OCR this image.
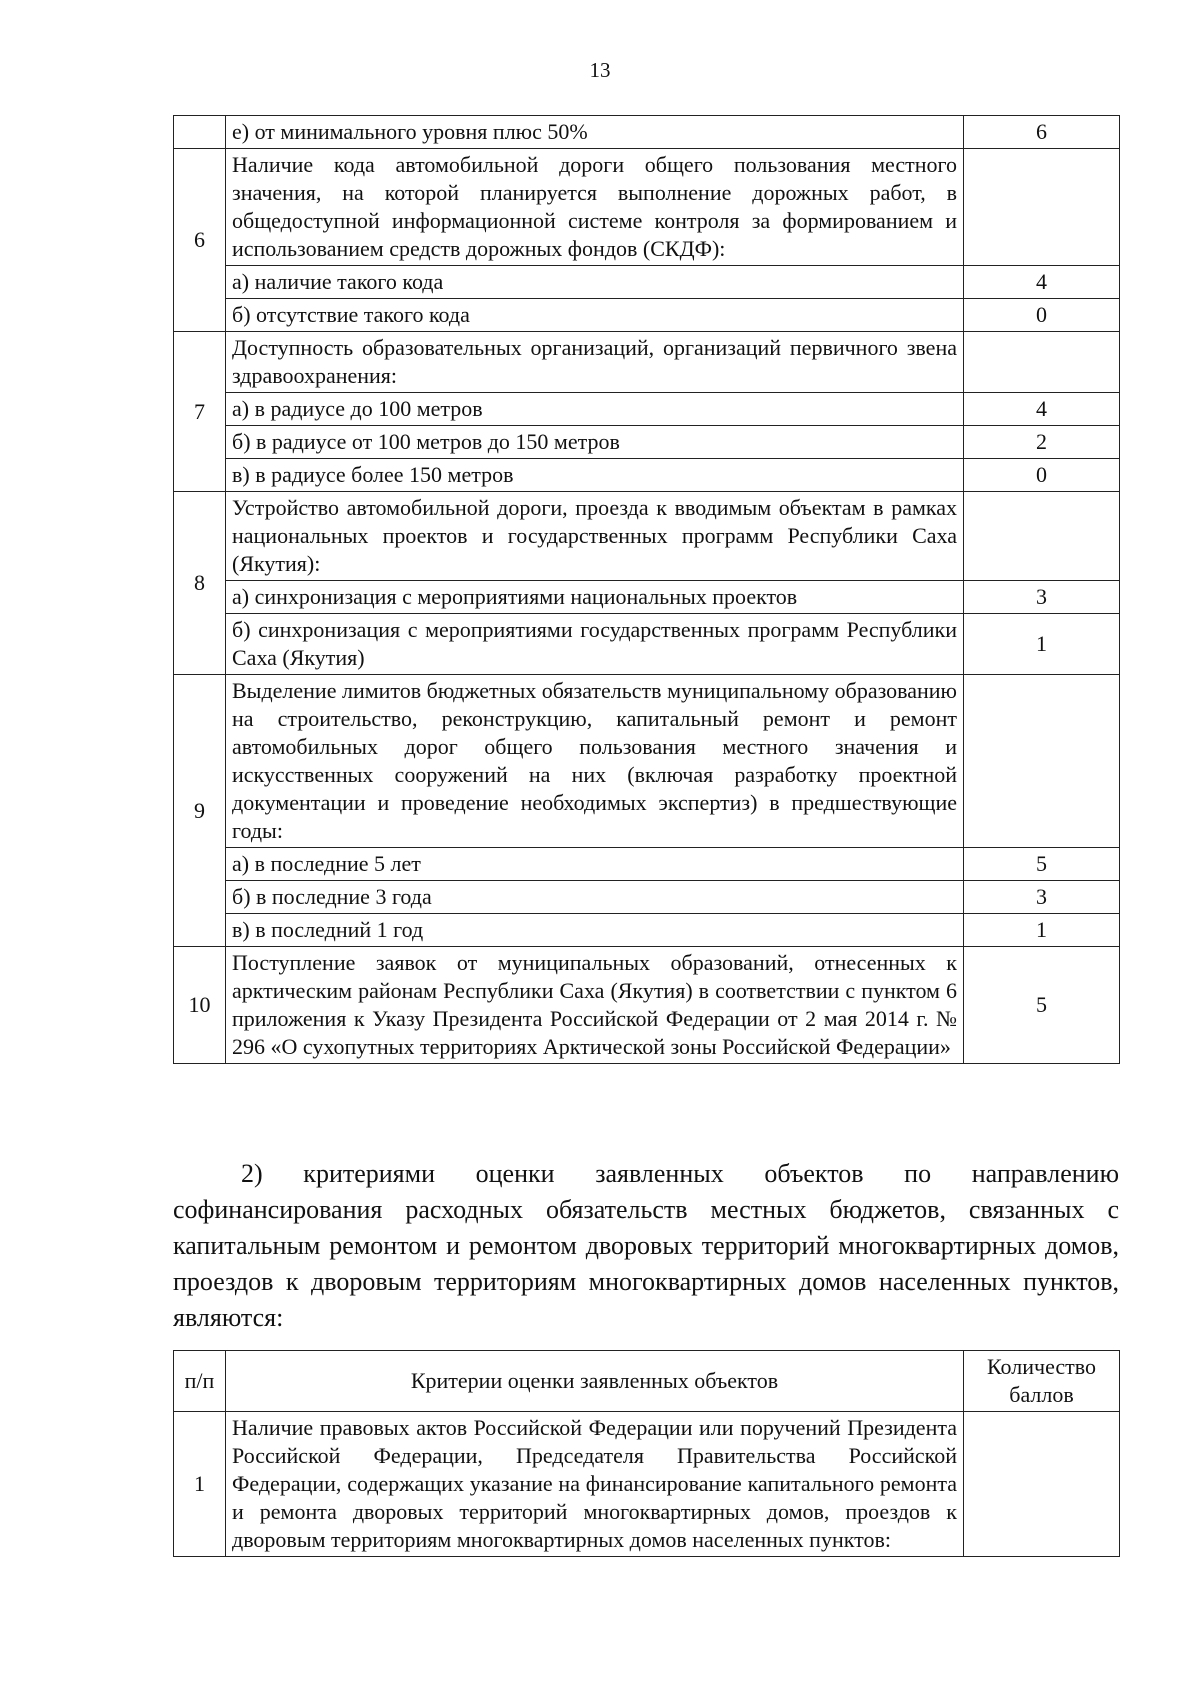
13
	е) от минимального уровня плюс 50%	6
6	Наличие кода автомобильной дороги общего пользования местного значения, на которой планируется выполнение дорожных работ, в общедоступной информационной системе контроля за формированием и использованием средств дорожных фондов (СКДФ):	
	а) наличие такого кода	4
	б) отсутствие такого кода	0
7	Доступность образовательных организаций, организаций первичного звена здравоохранения:	
	а) в радиусе до 100 метров	4
	б) в радиусе от 100 метров до 150 метров	2
	в) в радиусе более 150 метров	0
8	Устройство автомобильной дороги, проезда к вводимым объектам в рамках национальных проектов и государственных программ Республики Саха (Якутия):	
	а) синхронизация с мероприятиями национальных проектов	3
	б) синхронизация с мероприятиями государственных программ Республики Саха (Якутия)	1
9	Выделение лимитов бюджетных обязательств муниципальному образованию на строительство, реконструкцию, капитальный ремонт и ремонт автомобильных дорог общего пользования местного значения и искусственных сооружений на них (включая разработку проектной документации и проведение необходимых экспертиз) в предшествующие годы:	
	а) в последние 5 лет	5
	б) в последние 3 года	3
	в) в последний 1 год	1
10	Поступление заявок от муниципальных образований, отнесенных к арктическим районам Республики Саха (Якутия) в соответствии с пунктом 6 приложения к Указу Президента Российской Федерации от 2 мая 2014 г. № 296 «О сухопутных территориях Арктической зоны Российской Федерации»	5

2) критериями оценки заявленных объектов по направлению софинансирования расходных обязательств местных бюджетов, связанных с капитальным ремонтом и ремонтом дворовых территорий многоквартирных домов, проездов к дворовым территориям многоквартирных домов населенных пунктов, являются:

п/п	Критерии оценки заявленных объектов	Количество баллов
1	Наличие правовых актов Российской Федерации или поручений Президента Российской Федерации, Председателя Правительства Российской Федерации, содержащих указание на финансирование капитального ремонта и ремонта дворовых территорий многоквартирных домов, проездов к дворовым территориям многоквартирных домов населенных пунктов:	
